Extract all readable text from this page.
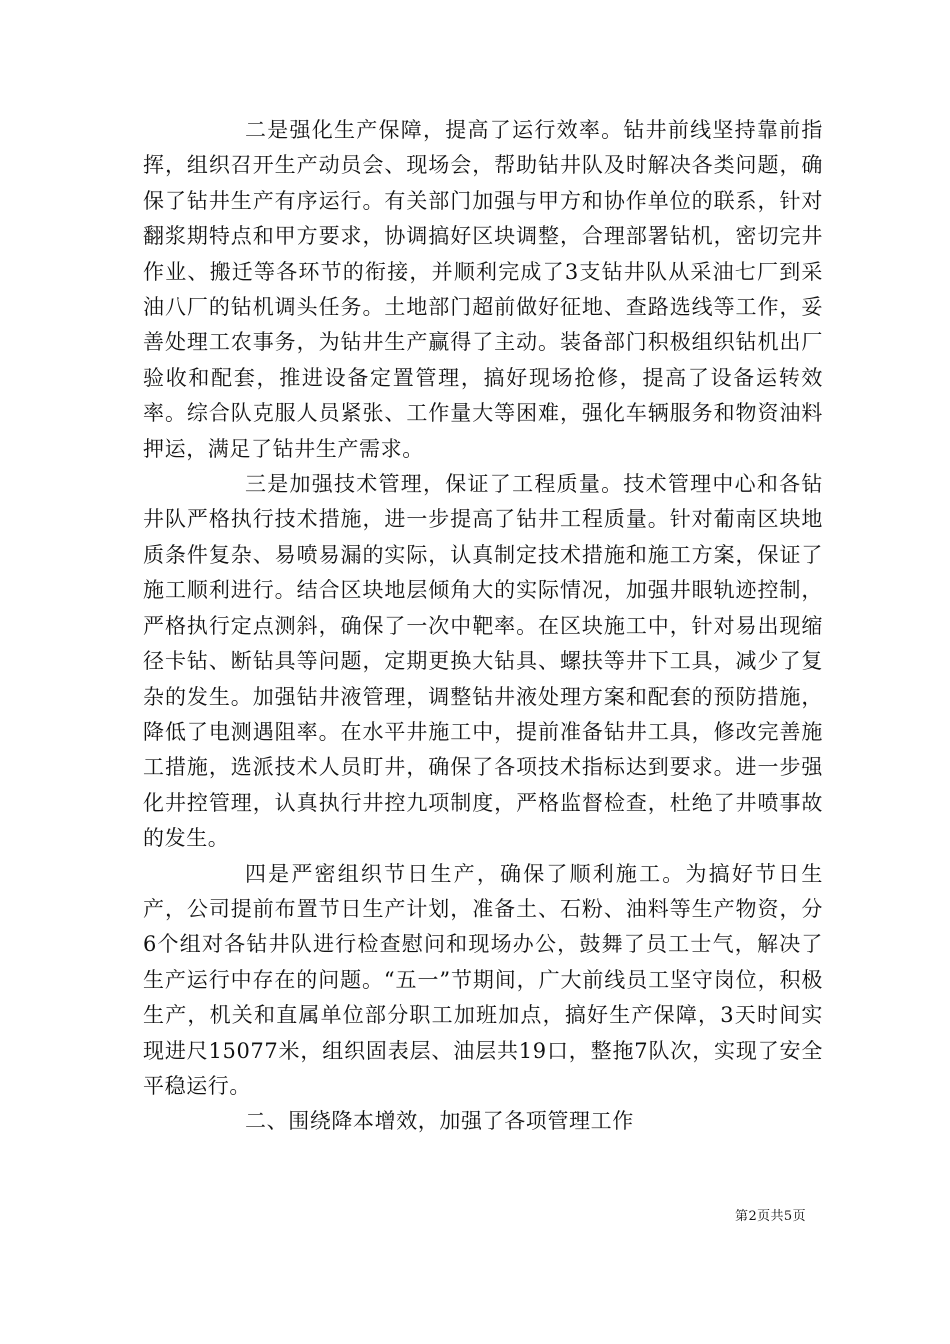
二是强化生产保障，提高了运行效率。钻井前线坚持靠前指挥，组织召开生产动员会、现场会，帮助钻井队及时解决各类问题，确保了钻井生产有序运行。有关部门加强与甲方和协作单位的联系，针对翻浆期特点和甲方要求，协调搞好区块调整，合理部署钻机，密切完井作业、搬迁等各环节的衔接，并顺利完成了3支钻井队从采油七厂到采油八厂的钻机调头任务。土地部门超前做好征地、查路选线等工作，妥善处理工农事务，为钻井生产赢得了主动。装备部门积极组织钻机出厂验收和配套，推进设备定置管理，搞好现场抢修，提高了设备运转效率。综合队克服人员紧张、工作量大等困难，强化车辆服务和物资油料押运，满足了钻井生产需求。

三是加强技术管理，保证了工程质量。技术管理中心和各钻井队严格执行技术措施，进一步提高了钻井工程质量。针对葡南区块地质条件复杂、易喷易漏的实际，认真制定技术措施和施工方案，保证了施工顺利进行。结合区块地层倾角大的实际情况，加强井眼轨迹控制，严格执行定点测斜，确保了一次中靶率。在区块施工中，针对易出现缩径卡钻、断钻具等问题，定期更换大钻具、螺扶等井下工具，减少了复杂的发生。加强钻井液管理，调整钻井液处理方案和配套的预防措施，降低了电测遇阻率。在水平井施工中，提前准备钻井工具，修改完善施工措施，选派技术人员盯井，确保了各项技术指标达到要求。进一步强化井控管理，认真执行井控九项制度，严格监督检查，杜绝了井喷事故的发生。

四是严密组织节日生产，确保了顺利施工。为搞好节日生产，公司提前布置节日生产计划，准备土、石粉、油料等生产物资，分6个组对各钻井队进行检查慰问和现场办公，鼓舞了员工士气，解决了生产运行中存在的问题。“五一”节期间，广大前线员工坚守岗位，积极生产，机关和直属单位部分职工加班加点，搞好生产保障，3天时间实现进尺15077米，组织固表层、油层共19口，整拖7队次，实现了安全平稳运行。

二、围绕降本增效，加强了各项管理工作

第2页共5页
